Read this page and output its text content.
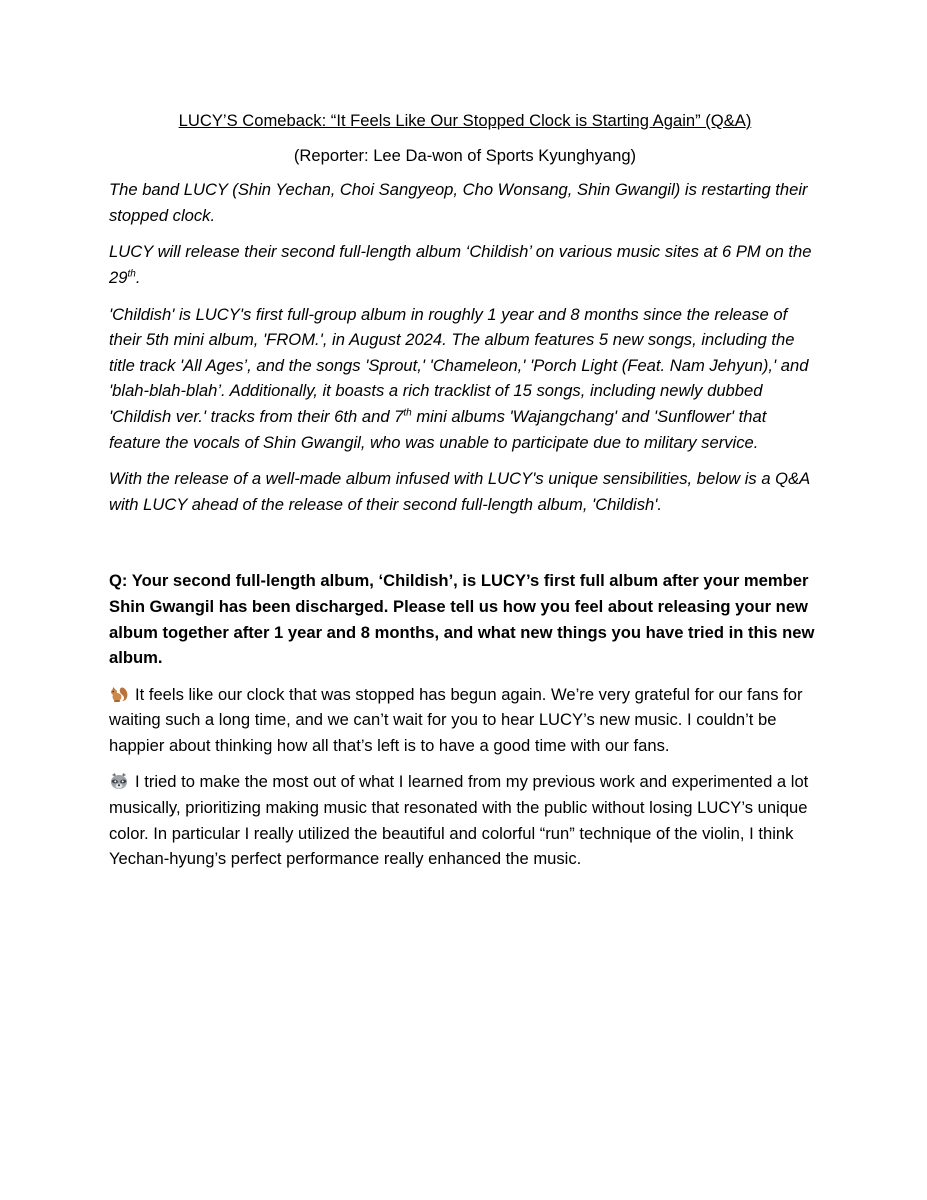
LUCY’S Comeback: “It Feels Like Our Stopped Clock is Starting Again” (Q&A)

(Reporter: Lee Da-won of Sports Kyunghyang)

The band LUCY (Shin Yechan, Choi Sangyeop, Cho Wonsang, Shin Gwangil) is restarting their stopped clock.

LUCY will release their second full-length album ‘Childish’ on various music sites at 6 PM on the 29th.

'Childish' is LUCY's first full-group album in roughly 1 year and 8 months since the release of their 5th mini album, 'FROM.', in August 2024. The album features 5 new songs, including the title track 'All Ages’, and the songs 'Sprout,' 'Chameleon,' 'Porch Light (Feat. Nam Jehyun),' and 'blah-blah-blah’. Additionally, it boasts a rich tracklist of 15 songs, including newly dubbed 'Childish ver.' tracks from their 6th and 7th mini albums 'Wajangchang' and 'Sunflower' that feature the vocals of Shin Gwangil, who was unable to participate due to military service.

With the release of a well-made album infused with LUCY's unique sensibilities, below is a Q&A with LUCY ahead of the release of their second full-length album, 'Childish'.

Q: Your second full-length album, ‘Childish’, is LUCY’s first full album after your member Shin Gwangil has been discharged. Please tell us how you feel about releasing your new album together after 1 year and 8 months, and what new things you have tried in this new album.

It feels like our clock that was stopped has begun again. We’re very grateful for our fans for waiting such a long time, and we can’t wait for you to hear LUCY’s new music. I couldn’t be happier about thinking how all that’s left is to have a good time with our fans.

I tried to make the most out of what I learned from my previous work and experimented a lot musically, prioritizing making music that resonated with the public without losing LUCY’s unique color. In particular I really utilized the beautiful and colorful “run” technique of the violin, I think Yechan-hyung’s perfect performance really enhanced the music.
